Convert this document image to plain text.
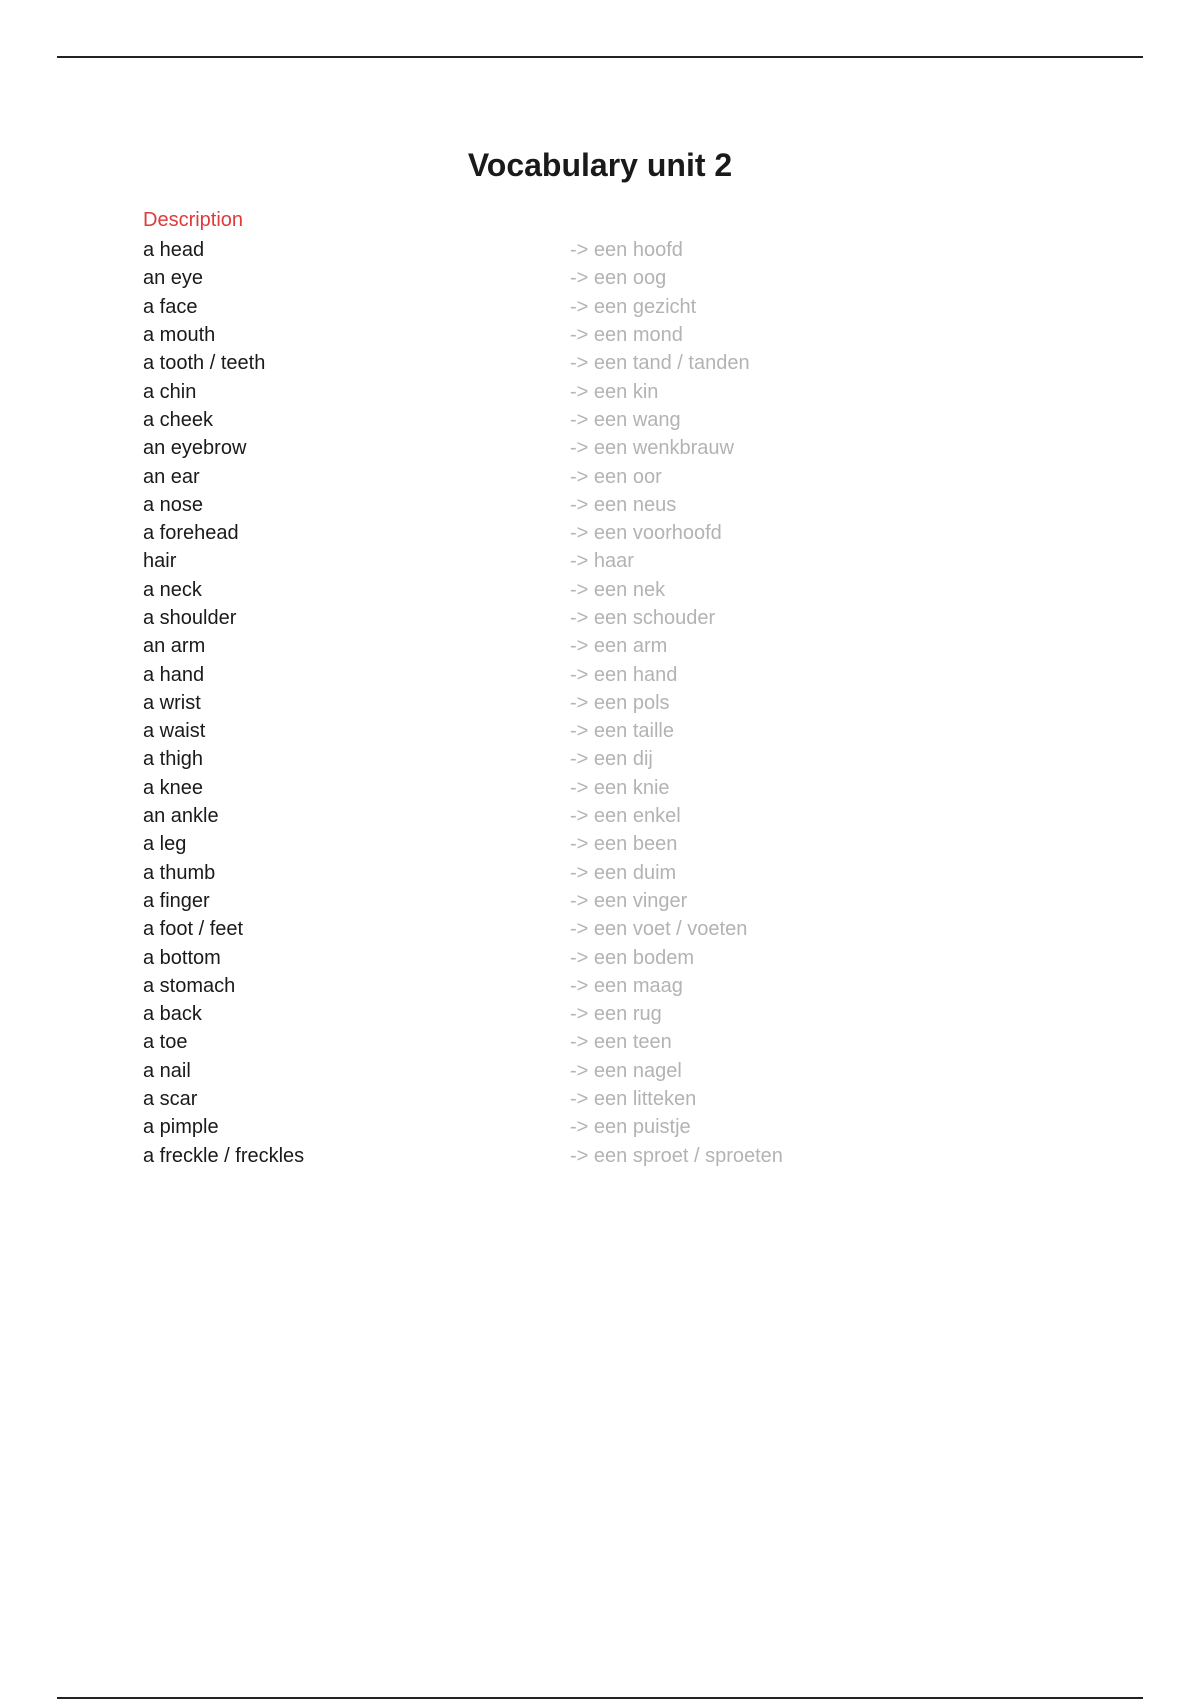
Vocabulary unit 2
Description
a head	-> een hoofd
an eye	-> een oog
a face	-> een gezicht
a mouth	-> een mond
a tooth / teeth	-> een tand / tanden
a chin	-> een kin
a cheek	-> een wang
an eyebrow	-> een wenkbrauw
an ear	-> een oor
a nose	-> een neus
a forehead	-> een voorhoofd
hair	-> haar
a neck	-> een nek
a shoulder	-> een schouder
an arm	-> een arm
a hand	-> een hand
a wrist	-> een pols
a waist	-> een taille
a thigh	-> een dij
a knee	-> een knie
an ankle	-> een enkel
a leg	-> een been
a thumb	-> een duim
a finger	-> een vinger
a foot / feet	-> een voet / voeten
a bottom	-> een bodem
a stomach	-> een maag
a back	-> een rug
a toe	-> een teen
a nail	-> een nagel
a scar	-> een litteken
a pimple	-> een puistje
a freckle / freckles	-> een sproet / sproeten
